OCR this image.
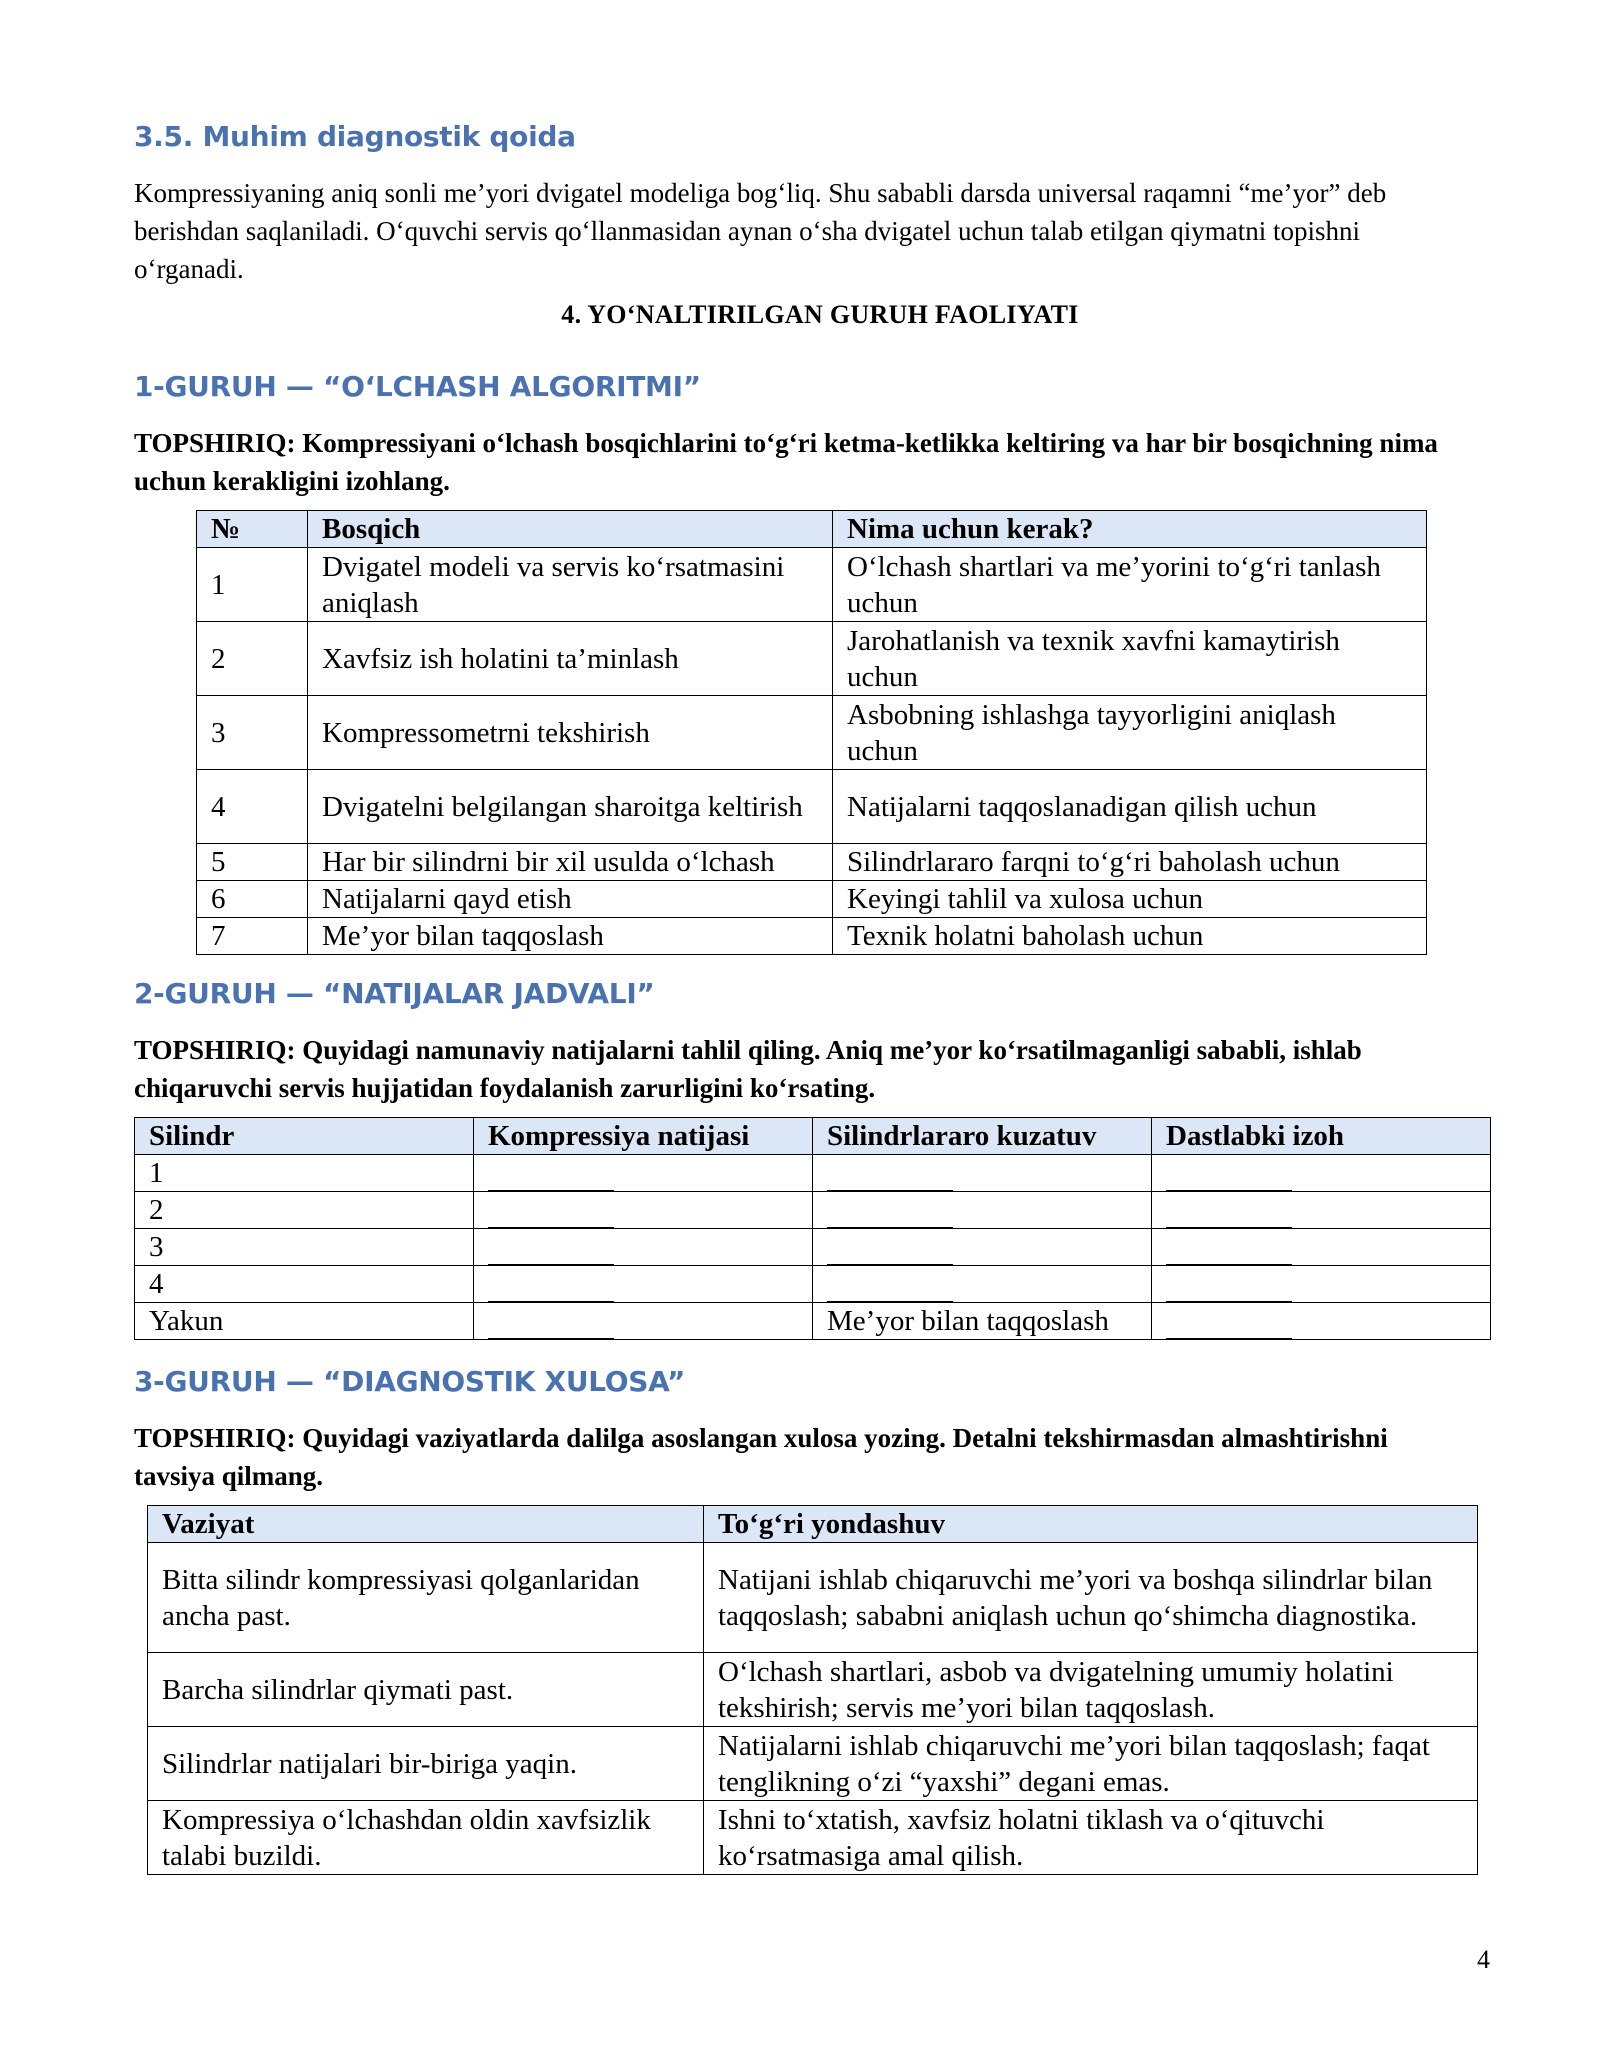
3.5. Muhim diagnostik qoida

Kompressiyaning aniq sonli me’yori dvigatel modeliga bog‘liq. Shu sababli darsda universal raqamni “me’yor” deb berishdan saqlaniladi. O‘quvchi servis qo‘llanmasidan aynan o‘sha dvigatel uchun talab etilgan qiymatni topishni o‘rganadi.

4. YO‘NALTIRILGAN GURUH FAOLIYATI

1-GURUH — “O‘LCHASH ALGORITMI”

TOPSHIRIQ: Kompressiyani o‘lchash bosqichlarini to‘g‘ri ketma-ketlikka keltiring va har bir bosqichning nima uchun kerakligini izohlang.

№	Bosqich	Nima uchun kerak?
1	Dvigatel modeli va servis ko‘rsatmasini aniqlash	O‘lchash shartlari va me’yorini to‘g‘ri tanlash uchun
2	Xavfsiz ish holatini ta’minlash	Jarohatlanish va texnik xavfni kamaytirish uchun
3	Kompressometrni tekshirish	Asbobning ishlashga tayyorligini aniqlash uchun
4	Dvigatelni belgilangan sharoitga keltirish	Natijalarni taqqoslanadigan qilish uchun
5	Har bir silindrni bir xil usulda o‘lchash	Silindrlararo farqni to‘g‘ri baholash uchun
6	Natijalarni qayd etish	Keyingi tahlil va xulosa uchun
7	Me’yor bilan taqqoslash	Texnik holatni baholash uchun
2-GURUH — “NATIJALAR JADVALI”

TOPSHIRIQ: Quyidagi namunaviy natijalarni tahlil qiling. Aniq me’yor ko‘rsatilmaganligi sababli, ishlab chiqaruvchi servis hujjatidan foydalanish zarurligini ko‘rsating.

Silindr	Kompressiya natijasi	Silindrlararo kuzatuv	Dastlabki izoh
1			
2			
3			
4			
Yakun		Me’yor bilan taqqoslash	
3-GURUH — “DIAGNOSTIK XULOSA”

TOPSHIRIQ: Quyidagi vaziyatlarda dalilga asoslangan xulosa yozing. Detalni tekshirmasdan almashtirishni tavsiya qilmang.

Vaziyat	To‘g‘ri yondashuv
Bitta silindr kompressiyasi qolganlaridan ancha past.	Natijani ishlab chiqaruvchi me’yori va boshqa silindrlar bilan taqqoslash; sababni aniqlash uchun qo‘shimcha diagnostika.
Barcha silindrlar qiymati past.	O‘lchash shartlari, asbob va dvigatelning umumiy holatini tekshirish; servis me’yori bilan taqqoslash.
Silindrlar natijalari bir-biriga yaqin.	Natijalarni ishlab chiqaruvchi me’yori bilan taqqoslash; faqat tenglikning o‘zi “yaxshi” degani emas.
Kompressiya o‘lchashdan oldin xavfsizlik talabi buzildi.	Ishni to‘xtatish, xavfsiz holatni tiklash va o‘qituvchi ko‘rsatmasiga amal qilish.
4
